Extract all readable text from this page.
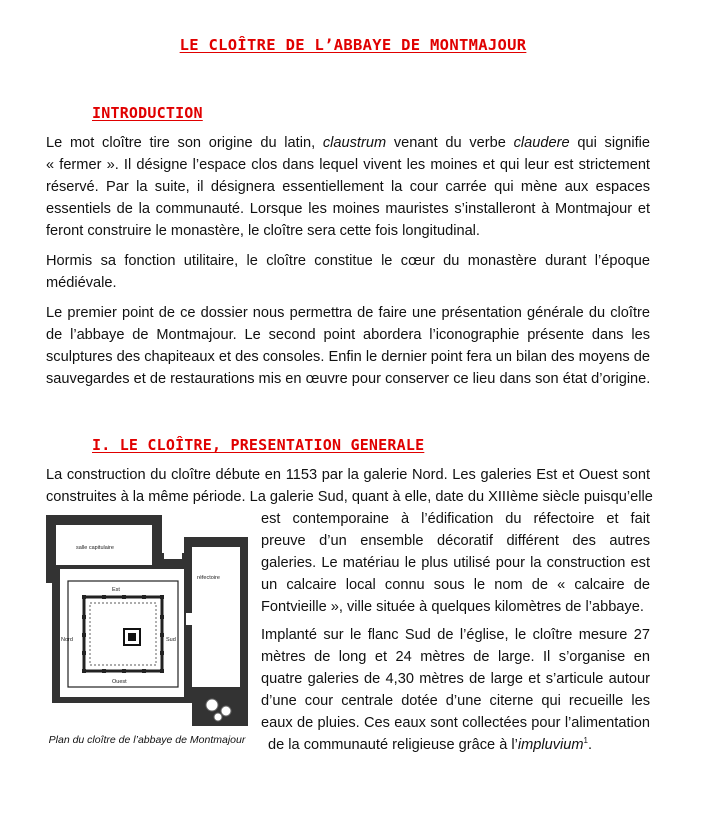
LE CLOÎTRE DE L’ABBAYE DE MONTMAJOUR
INTRODUCTION
Le mot cloître tire son origine du latin, claustrum venant du verbe claudere qui signifie
« fermer ». Il désigne l’espace clos dans lequel vivent les moines et qui leur est strictement
réservé. Par la suite, il désignera essentiellement la cour carrée qui mène aux espaces
essentiels de la communauté. Lorsque les moines mauristes s’installeront à Montmajour et
feront construire le monastère, le cloître sera cette fois longitudinal.
Hormis sa fonction utilitaire, le cloître constitue le cœur du monastère durant l’époque
médiévale.
Le premier point de ce dossier nous permettra de faire une présentation générale du cloître
de l’abbaye de Montmajour. Le second point abordera l’iconographie présente dans les
sculptures des chapiteaux et des consoles. Enfin le dernier point fera un bilan des moyens de
sauvegardes et de restaurations mis en œuvre pour conserver ce lieu dans son état d’origine.
I. LE CLOÎTRE, PRESENTATION GENERALE
La construction du cloître débute en 1153 par la galerie Nord. Les galeries Est et Ouest sont
construites à la même période. La galerie Sud, quant à elle, date du XIIIème siècle puisqu’elle
est contemporaine à l’édification du réfectoire et fait
preuve d’un ensemble décoratif différent des autres
galeries. Le matériau le plus utilisé pour la construction est
un calcaire local connu sous le nom de « calcaire de
Fontvieille », ville située à quelques kilomètres de l’abbaye.
Implanté sur le flanc Sud de l’église, le cloître mesure 27
mètres de long et 24 mètres de large. Il s’organise en
quatre galeries de 4,30 mètres de large et s’articule autour
d’une cour centrale dotée d’une citerne qui recueille les
eaux de pluies. Ces eaux sont collectées pour l’alimentation
de la communauté religieuse grâce à l’impluvium$^1$.
salle capitulaire
réfectoire
Est
Nord	Sud
Ouest
Plan du cloître de l’abbaye de Montmajour
